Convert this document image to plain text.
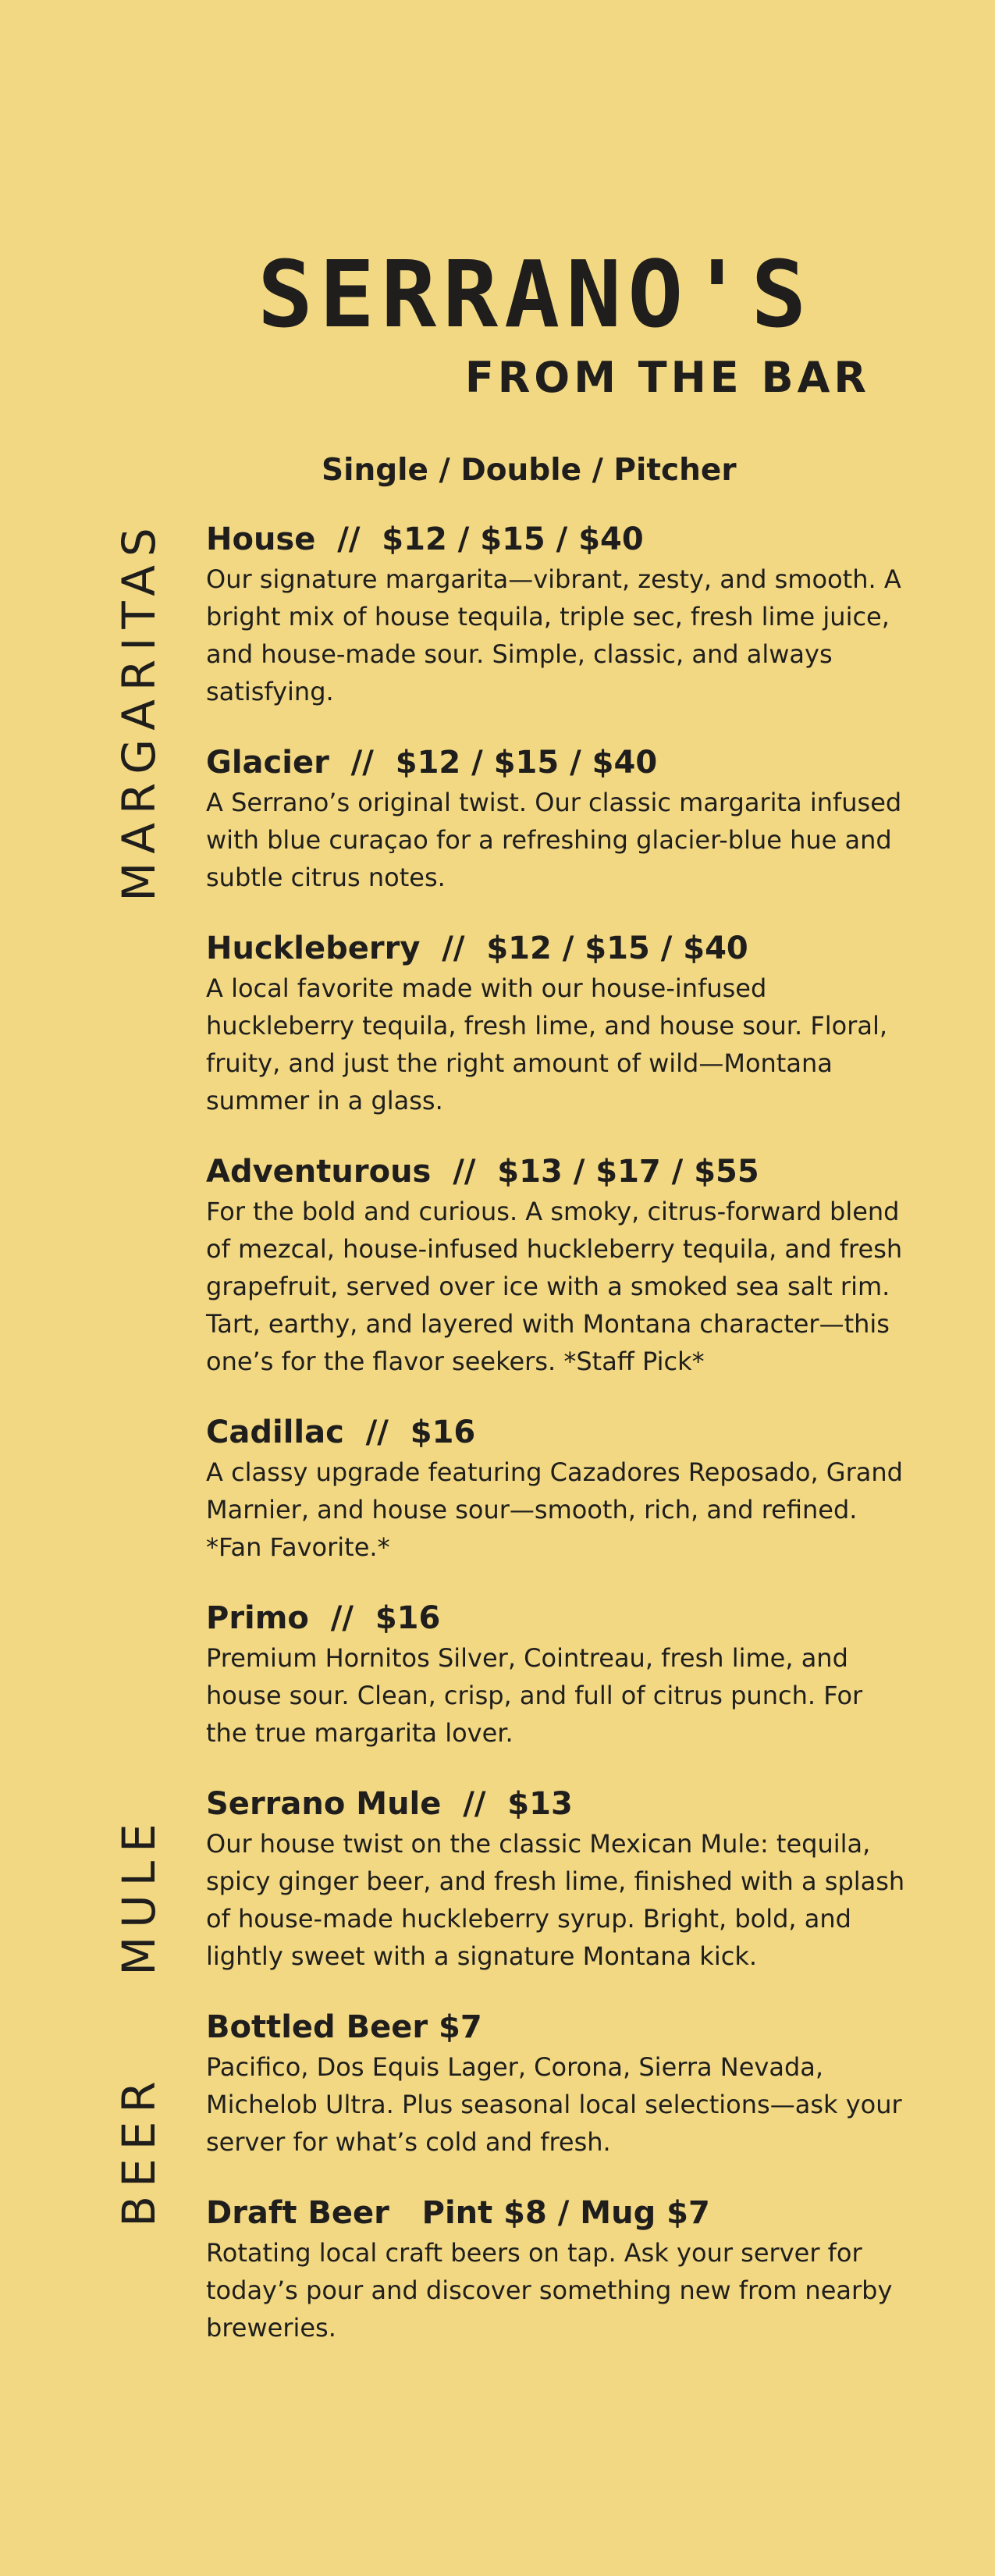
SERRANO'S
FROM THE BAR
Single / Double / Pitcher
MARGARITAS
MULE
BEER
House  //  $12 / $15 / $40
Our signature margarita—vibrant, zesty, and smooth. A bright mix of house tequila, triple sec, fresh lime juice, and house-made sour. Simple, classic, and always satisfying.
Glacier  //  $12 / $15 / $40
A Serrano’s original twist. Our classic margarita infused with blue curaçao for a refreshing glacier-blue hue and subtle citrus notes.
Huckleberry  //  $12 / $15 / $40
A local favorite made with our house-infused huckleberry tequila, fresh lime, and house sour. Floral, fruity, and just the right amount of wild—Montana summer in a glass.
Adventurous  //  $13 / $17 / $55
For the bold and curious. A smoky, citrus-forward blend of mezcal, house-infused huckleberry tequila, and fresh grapefruit, served over ice with a smoked sea salt rim. Tart, earthy, and layered with Montana character—this one’s for the flavor seekers. *Staff Pick*
Cadillac  //  $16
A classy upgrade featuring Cazadores Reposado, Grand Marnier, and house sour—smooth, rich, and refined. *Fan Favorite.*
Primo  //  $16
Premium Hornitos Silver, Cointreau, fresh lime, and house sour. Clean, crisp, and full of citrus punch. For the true margarita lover.
Serrano Mule  //  $13
Our house twist on the classic Mexican Mule: tequila, spicy ginger beer, and fresh lime, finished with a splash of house-made huckleberry syrup. Bright, bold, and lightly sweet with a signature Montana kick.
Bottled Beer $7
Pacifico, Dos Equis Lager, Corona, Sierra Nevada, Michelob Ultra. Plus seasonal local selections—ask your server for what’s cold and fresh.
Draft Beer   Pint $8 / Mug $7
Rotating local craft beers on tap. Ask your server for today’s pour and discover something new from nearby breweries.
